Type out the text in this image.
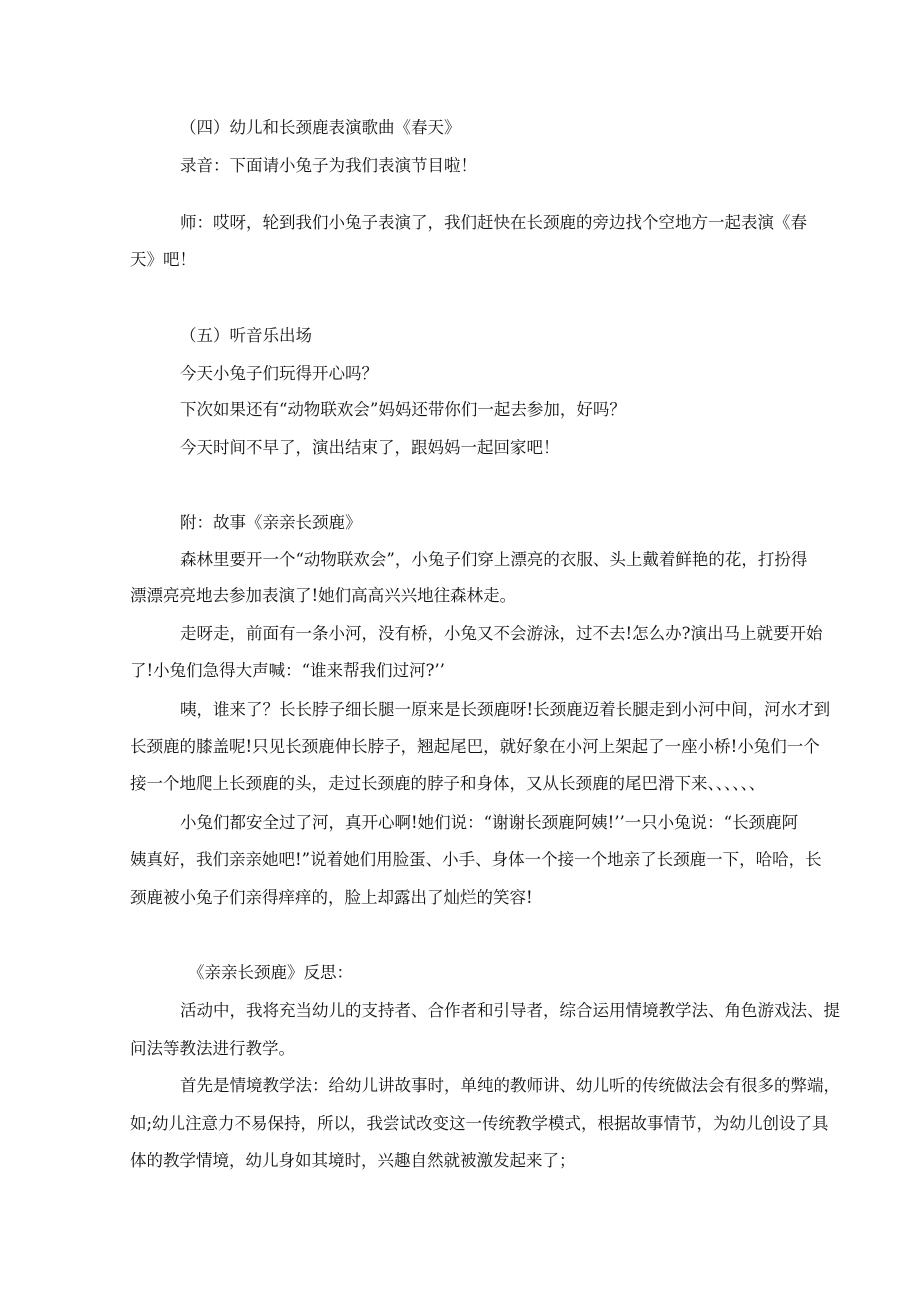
（四）幼儿和长颈鹿表演歌曲《春天》

录音：下面请小兔子为我们表演节目啦！

师：哎呀，轮到我们小兔子表演了，我们赶快在长颈鹿的旁边找个空地方一起表演《春

天》吧！

（五）听音乐出场

今天小兔子们玩得开心吗？

下次如果还有“动物联欢会”妈妈还带你们一起去参加，好吗？

今天时间不早了，演出结束了，跟妈妈一起回家吧！

附：故事《亲亲长颈鹿》

森林里要开一个“动物联欢会”，小兔子们穿上漂亮的衣服、头上戴着鲜艳的花，打扮得

漂漂亮亮地去参加表演了!她们高高兴兴地往森林走。

走呀走，前面有一条小河，没有桥，小兔又不会游泳，过不去!怎么办?演出马上就要开始

了!小兔们急得大声喊：“谁来帮我们过河?’’

咦，谁来了？长长脖子细长腿一原来是长颈鹿呀!长颈鹿迈着长腿走到小河中间，河水才到

长颈鹿的膝盖呢!只见长颈鹿伸长脖子，翘起尾巴，就好象在小河上架起了一座小桥!小兔们一个

接一个地爬上长颈鹿的头，走过长颈鹿的脖子和身体，又从长颈鹿的尾巴滑下来、、、、、、

小兔们都安全过了河，真开心啊!她们说：“谢谢长颈鹿阿姨!’’一只小兔说：“长颈鹿阿

姨真好，我们亲亲她吧!”说着她们用脸蛋、小手、身体一个接一个地亲了长颈鹿一下，哈哈，长

颈鹿被小兔子们亲得痒痒的，脸上却露出了灿烂的笑容!

《亲亲长颈鹿》反思：

活动中，我将充当幼儿的支持者、合作者和引导者，综合运用情境教学法、角色游戏法、提

问法等教法进行教学。

首先是情境教学法：给幼儿讲故事时，单纯的教师讲、幼儿听的传统做法会有很多的弊端，

如;幼儿注意力不易保持，所以，我尝试改变这一传统教学模式，根据故事情节，为幼儿创设了具

体的教学情境，幼儿身如其境时，兴趣自然就被激发起来了；
